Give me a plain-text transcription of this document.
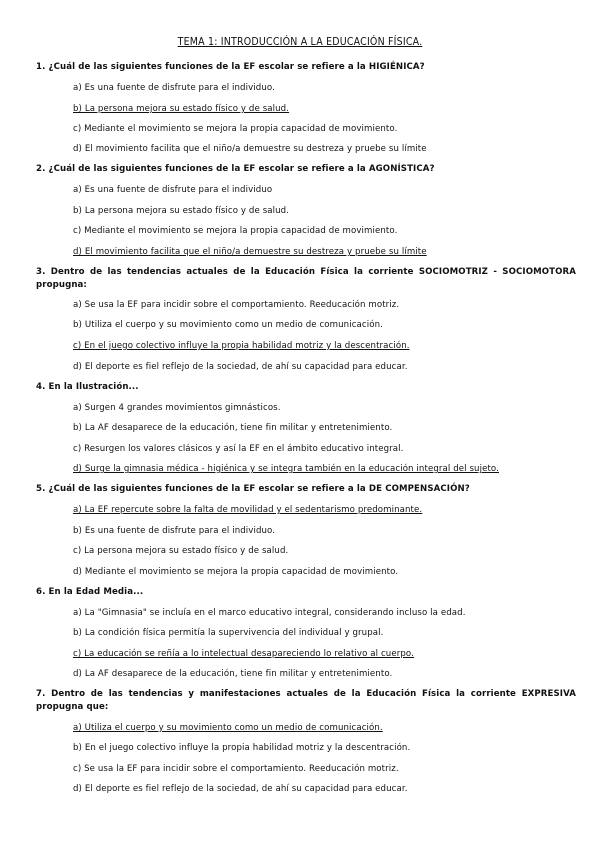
TEMA 1: INTRODUCCIÓN A LA EDUCACIÓN FÍSICA.
1. ¿Cuál de las siguientes funciones de la EF escolar se refiere a la HIGIÉNICA?
a) Es una fuente de disfrute para el individuo.
b) La persona mejora su estado físico y de salud.
c) Mediante el movimiento se mejora la propia capacidad de movimiento.
d) El movimiento facilita que el niño/a demuestre su destreza y pruebe su límite
2. ¿Cuál de las siguientes funciones de la EF escolar se refiere a la AGONÍSTICA?
a) Es una fuente de disfrute para el individuo
b) La persona mejora su estado físico y de salud.
c) Mediante el movimiento se mejora la propia capacidad de movimiento.
d) El movimiento facilita que el niño/a demuestre su destreza y pruebe su límite
3. Dentro de las tendencias actuales de la Educación Física la corriente SOCIOMOTRIZ - SOCIOMOTORA propugna:
a) Se usa la EF para incidir sobre el comportamiento. Reeducación motriz.
b) Utiliza el cuerpo y su movimiento como un medio de comunicación.
c) En el juego colectivo influye la propia habilidad motriz y la descentración.
d) El deporte es fiel reflejo de la sociedad, de ahí su capacidad para educar.
4. En la Ilustración...
a) Surgen 4 grandes movimientos gimnásticos.
b) La AF desaparece de la educación, tiene fin militar y entretenimiento.
c) Resurgen los valores clásicos y así la EF en el ámbito educativo integral.
d) Surge la gimnasia médica - higiénica y se integra también en la educación integral del sujeto.
5. ¿Cuál de las siguientes funciones de la EF escolar se refiere a la DE COMPENSACIÓN?
a) La EF repercute sobre la falta de movilidad y el sedentarismo predominante.
b) Es una fuente de disfrute para el individuo.
c) La persona mejora su estado físico y de salud.
d) Mediante el movimiento se mejora la propia capacidad de movimiento.
6. En la Edad Media...
a) La "Gimnasia" se incluía en el marco educativo integral, considerando incluso la edad.
b) La condición física permitía la supervivencia del individual y grupal.
c) La educación se reñía a lo intelectual desapareciendo lo relativo al cuerpo.
d) La AF desaparece de la educación, tiene fin militar y entretenimiento.
7. Dentro de las tendencias y manifestaciones actuales de la Educación Física la corriente EXPRESIVA propugna que:
a) Utiliza el cuerpo y su movimiento como un medio de comunicación.
b) En el juego colectivo influye la propia habilidad motriz y la descentración.
c) Se usa la EF para incidir sobre el comportamiento. Reeducación motriz.
d) El deporte es fiel reflejo de la sociedad, de ahí su capacidad para educar.
